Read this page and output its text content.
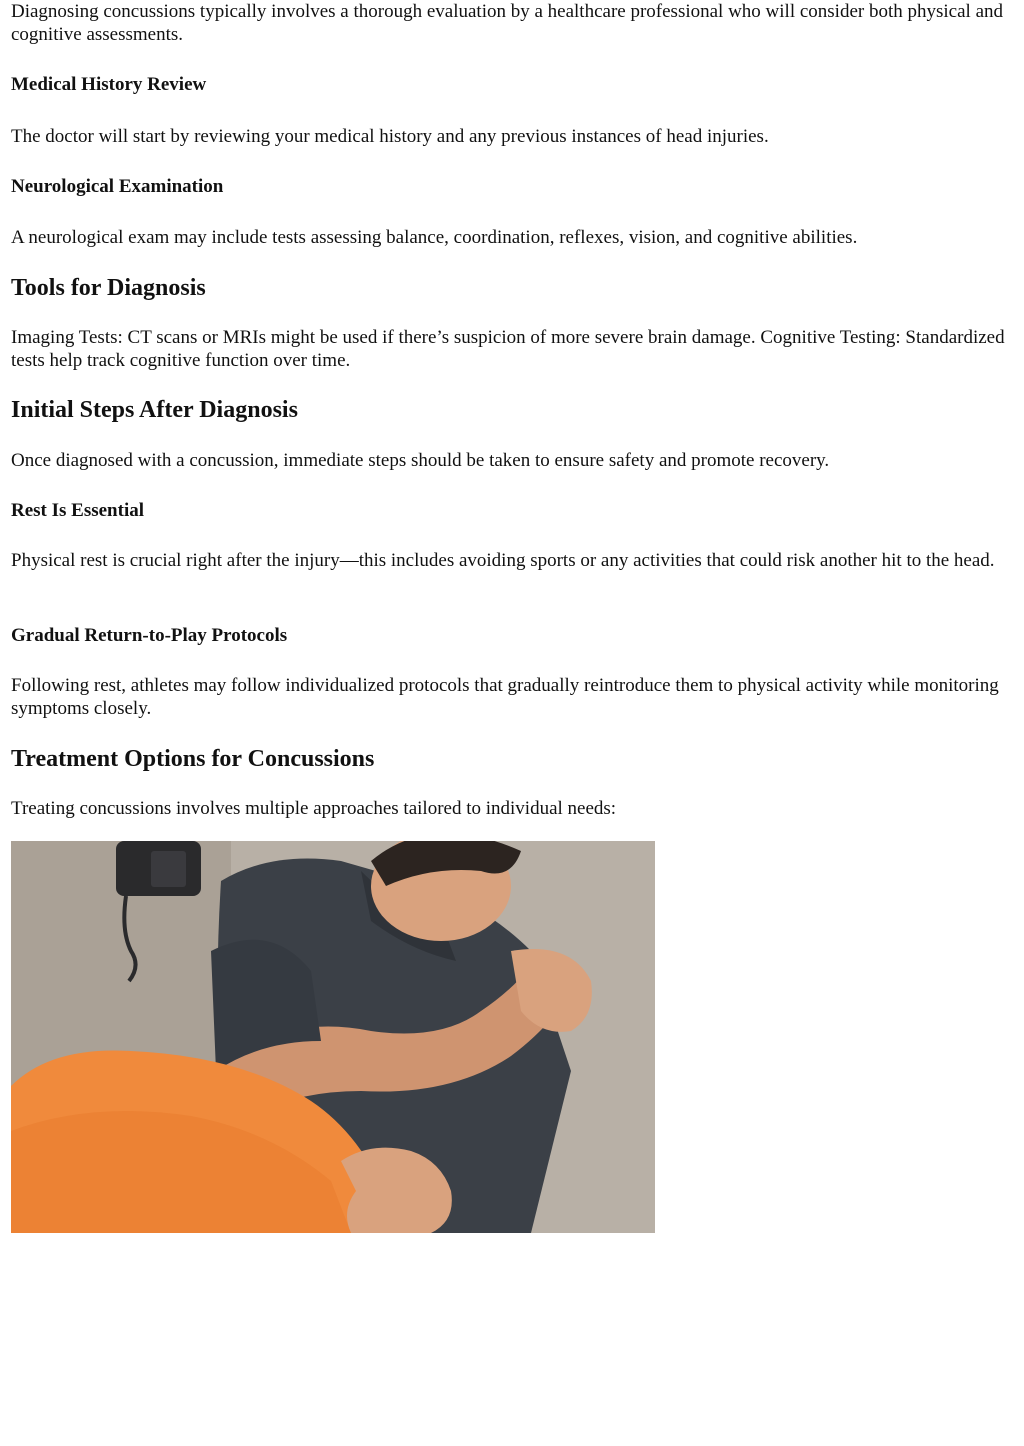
Diagnosing concussions typically involves a thorough evaluation by a healthcare professional who will consider both physical and cognitive assessments.

Medical History Review

The doctor will start by reviewing your medical history and any previous instances of head injuries.

Neurological Examination

A neurological exam may include tests assessing balance, coordination, reflexes, vision, and cognitive abilities.

Tools for Diagnosis

Imaging Tests: CT scans or MRIs might be used if there’s suspicion of more severe brain damage. Cognitive Testing: Standardized tests help track cognitive function over time.

Initial Steps After Diagnosis

Once diagnosed with a concussion, immediate steps should be taken to ensure safety and promote recovery.

Rest Is Essential

Physical rest is crucial right after the injury—this includes avoiding sports or any activities that could risk another hit to the head.

Gradual Return-to-Play Protocols

Following rest, athletes may follow individualized protocols that gradually reintroduce them to physical activity while monitoring symptoms closely.

Treatment Options for Concussions

Treating concussions involves multiple approaches tailored to individual needs:
